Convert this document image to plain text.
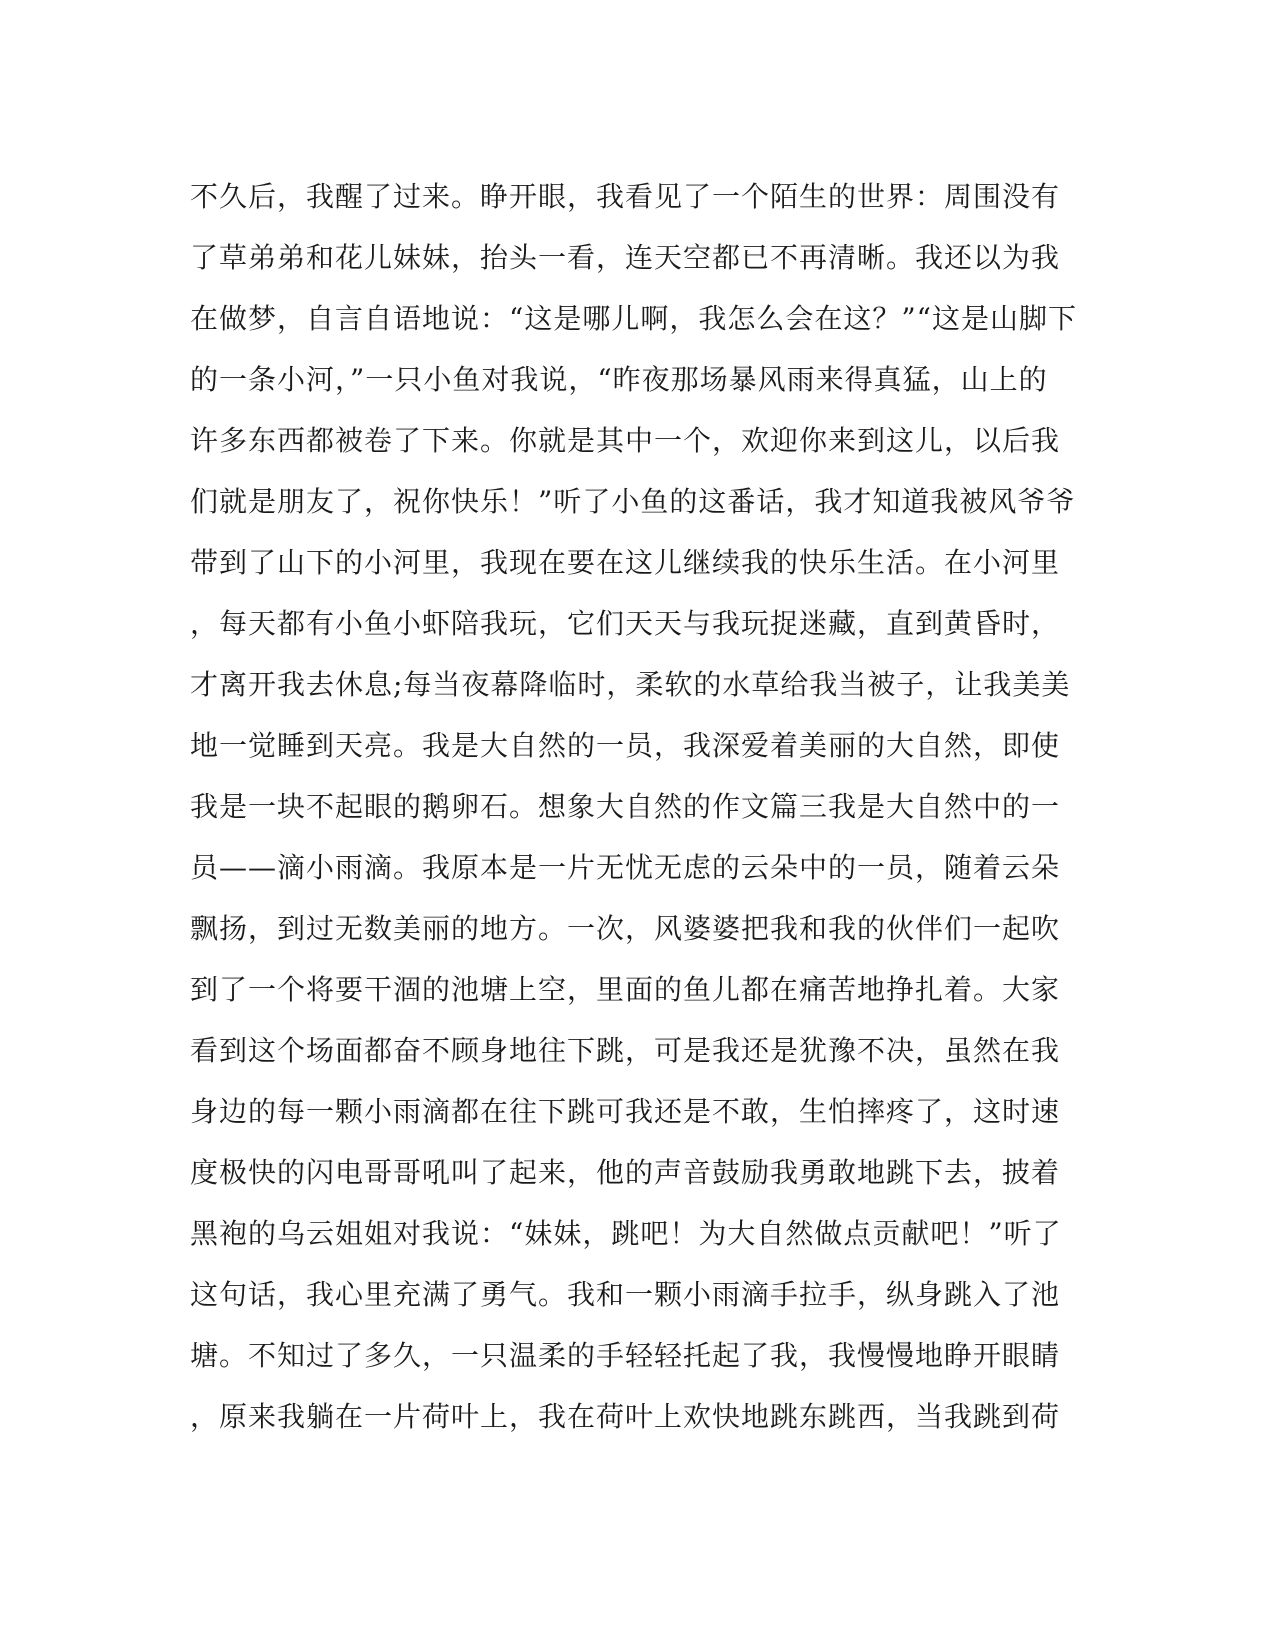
不久后，我醒了过来。睁开眼，我看见了一个陌生的世界：周围没有
了草弟弟和花儿妹妹，抬头一看，连天空都已不再清晰。我还以为我
在做梦，自言自语地说：“这是哪儿啊，我怎么会在这？”“这是山脚下
的一条小河，”一只小鱼对我说，“昨夜那场暴风雨来得真猛，山上的
许多东西都被卷了下来。你就是其中一个，欢迎你来到这儿，以后我
们就是朋友了，祝你快乐！”听了小鱼的这番话，我才知道我被风爷爷
带到了山下的小河里，我现在要在这儿继续我的快乐生活。在小河里
，每天都有小鱼小虾陪我玩，它们天天与我玩捉迷藏，直到黄昏时，
才离开我去休息;每当夜幕降临时，柔软的水草给我当被子，让我美美
地一觉睡到天亮。我是大自然的一员，我深爱着美丽的大自然，即使
我是一块不起眼的鹅卵石。想象大自然的作文篇三我是大自然中的一
员——滴小雨滴。我原本是一片无忧无虑的云朵中的一员，随着云朵
飘扬，到过无数美丽的地方。一次，风婆婆把我和我的伙伴们一起吹
到了一个将要干涸的池塘上空，里面的鱼儿都在痛苦地挣扎着。大家
看到这个场面都奋不顾身地往下跳，可是我还是犹豫不决，虽然在我
身边的每一颗小雨滴都在往下跳可我还是不敢，生怕摔疼了，这时速
度极快的闪电哥哥吼叫了起来，他的声音鼓励我勇敢地跳下去，披着
黑袍的乌云姐姐对我说：“妹妹，跳吧！为大自然做点贡献吧！”听了
这句话，我心里充满了勇气。我和一颗小雨滴手拉手，纵身跳入了池
塘。不知过了多久，一只温柔的手轻轻托起了我，我慢慢地睁开眼睛
，原来我躺在一片荷叶上，我在荷叶上欢快地跳东跳西，当我跳到荷
